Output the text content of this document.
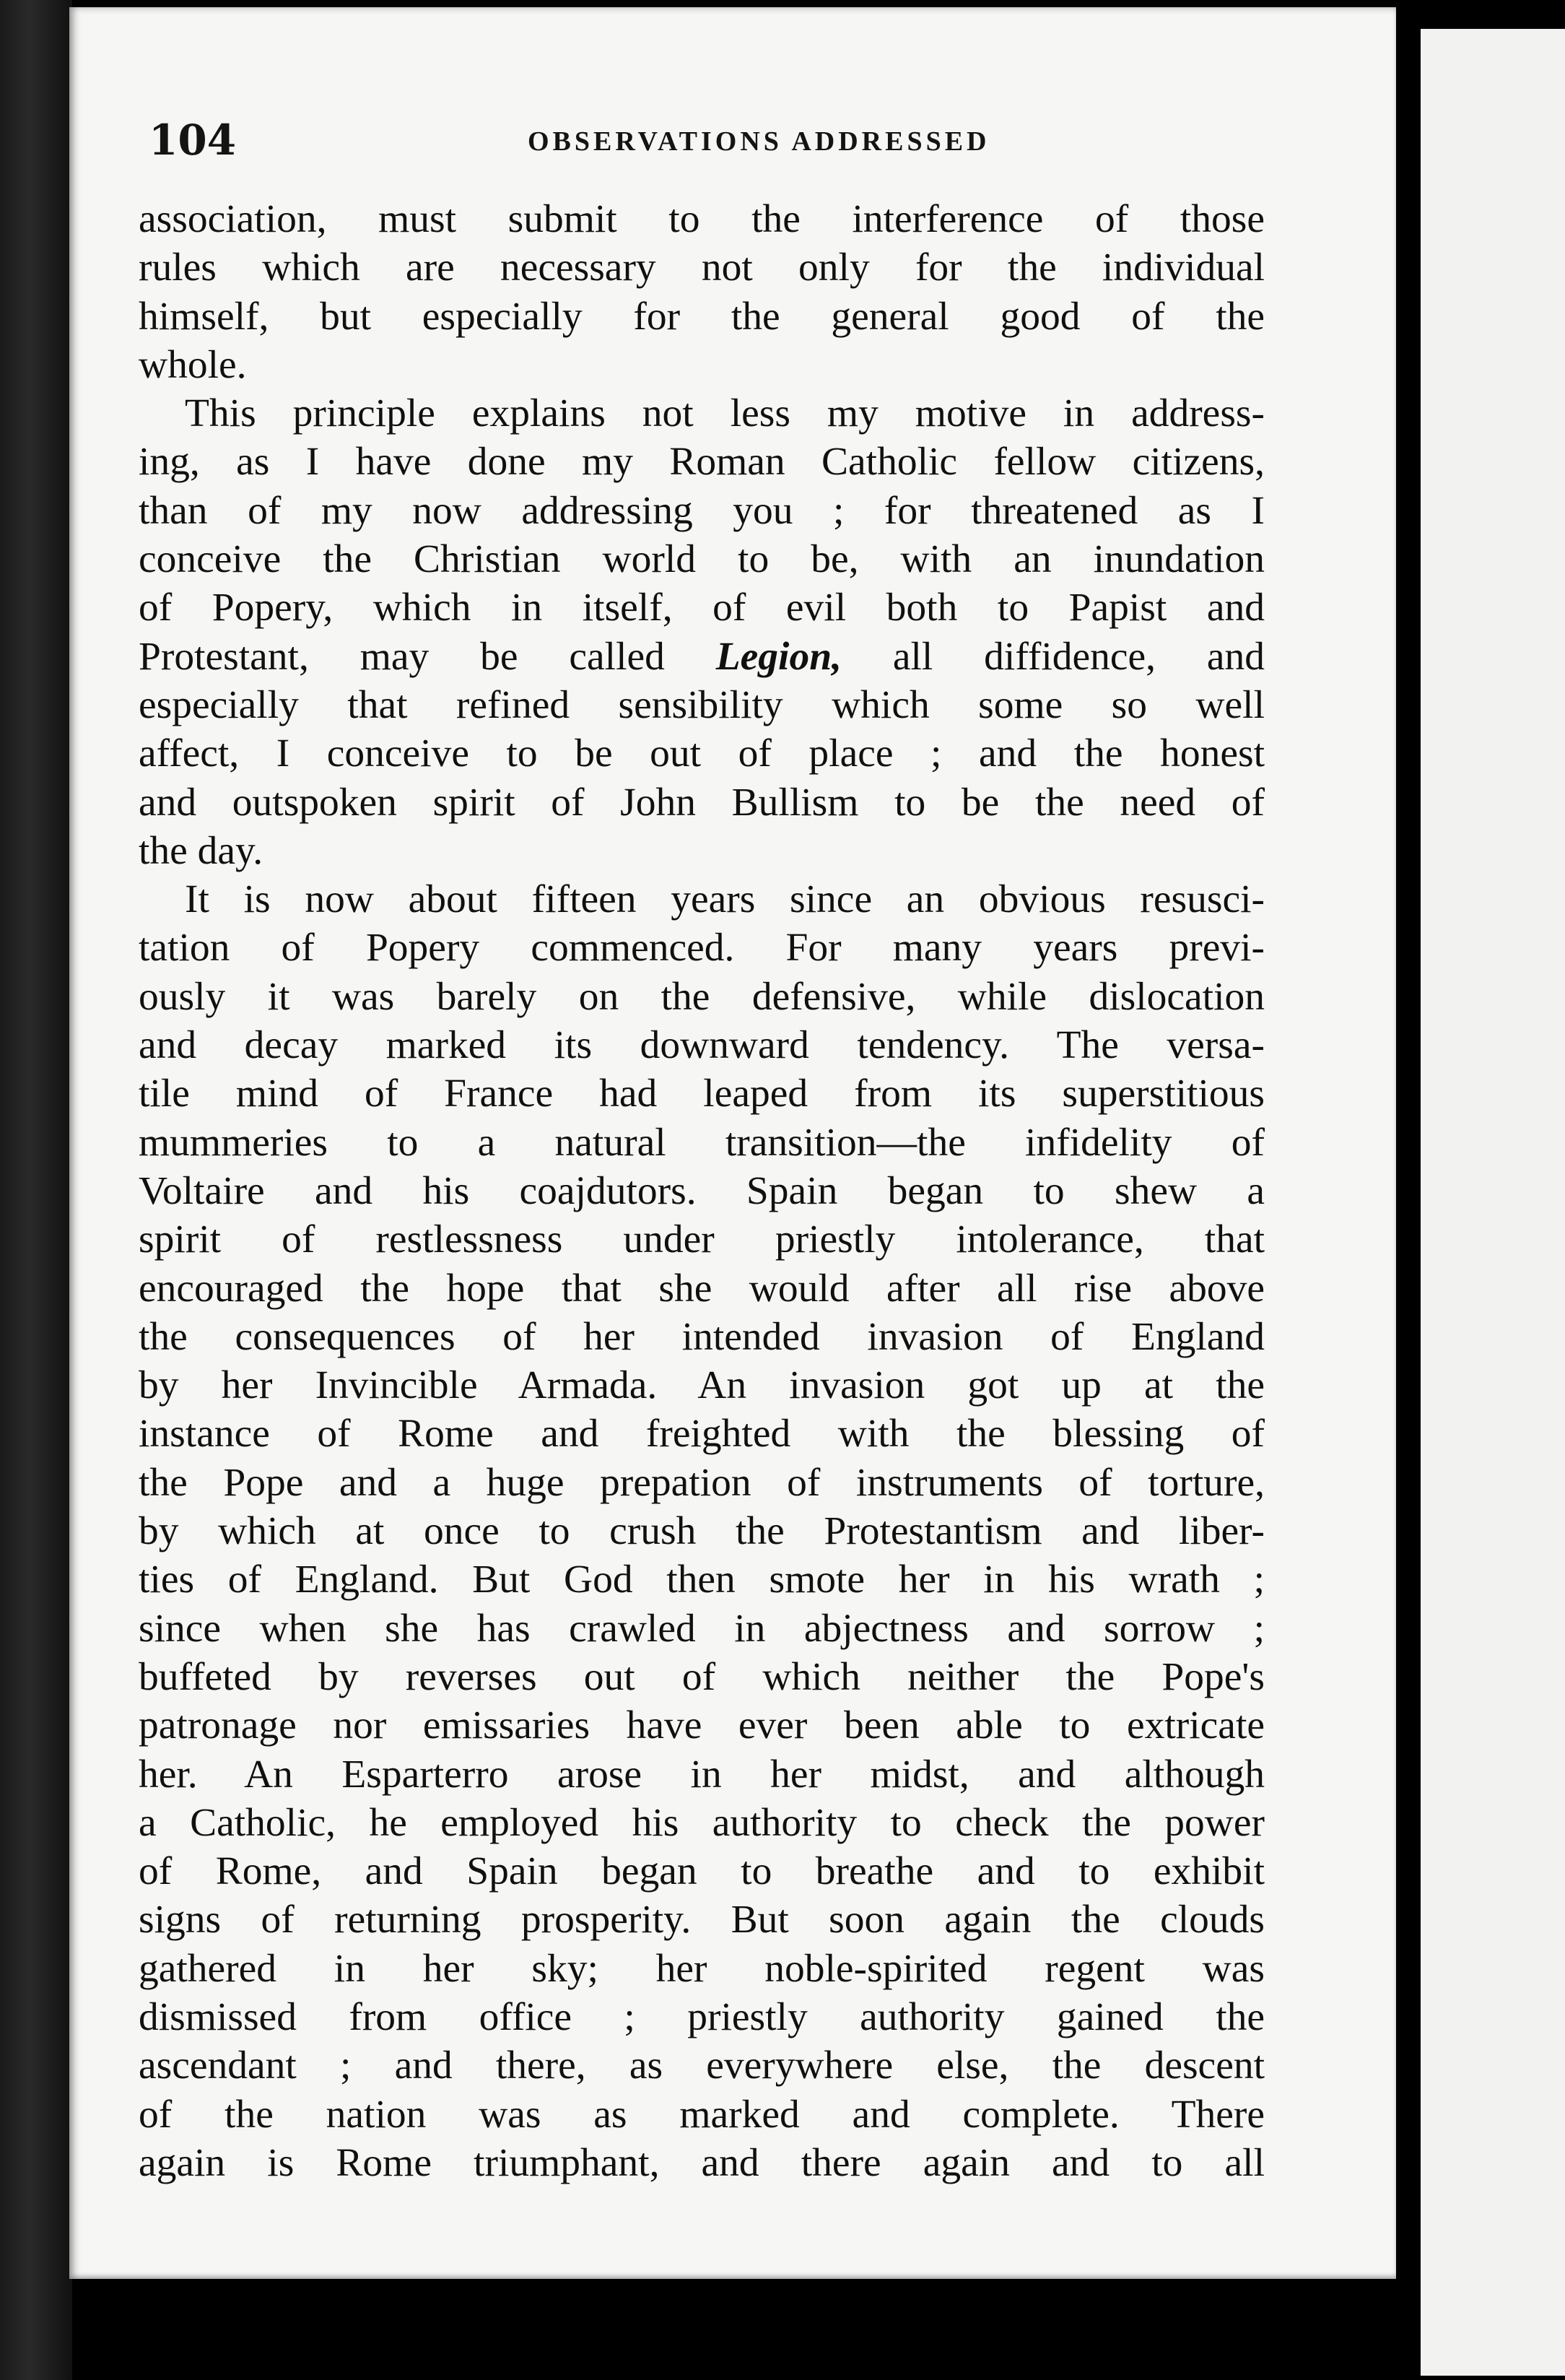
104	OBSERVATIONS ADDRESSED
association, must submit to the interference of those
rules which are necessary not only for the individual
himself, but especially for the general good of the
whole.
This principle explains not less my motive in address-
ing, as I have done my Roman Catholic fellow citizens,
than of my now addressing you ; for threatened as I
conceive the Christian world to be, with an inundation
of Popery, which in itself, of evil both to Papist and
Protestant, may be called Legion, all diffidence, and
especially that refined sensibility which some so well
affect, I conceive to be out of place ; and the honest
and outspoken spirit of John Bullism to be the need of
the day.
It is now about fifteen years since an obvious resusci-
tation of Popery commenced. For many years previ-
ously it was barely on the defensive, while dislocation
and decay marked its downward tendency. The versa-
tile mind of France had leaped from its superstitious
mummeries to a natural transition—the infidelity of
Voltaire and his coajdutors. Spain began to shew a
spirit of restlessness under priestly intolerance, that
encouraged the hope that she would after all rise above
the consequences of her intended invasion of England
by her Invincible Armada. An invasion got up at the
instance of Rome and freighted with the blessing of
the Pope and a huge prepation of instruments of torture,
by which at once to crush the Protestantism and liber-
ties of England. But God then smote her in his wrath ;
since when she has crawled in abjectness and sorrow ;
buffeted by reverses out of which neither the Pope's
patronage nor emissaries have ever been able to extricate
her. An Esparterro arose in her midst, and although
a Catholic, he employed his authority to check the power
of Rome, and Spain began to breathe and to exhibit
signs of returning prosperity. But soon again the clouds
gathered in her sky; her noble-spirited regent was
dismissed from office ; priestly authority gained the
ascendant ; and there, as everywhere else, the descent
of the nation was as marked and complete. There
again is Rome triumphant, and there again and to all
